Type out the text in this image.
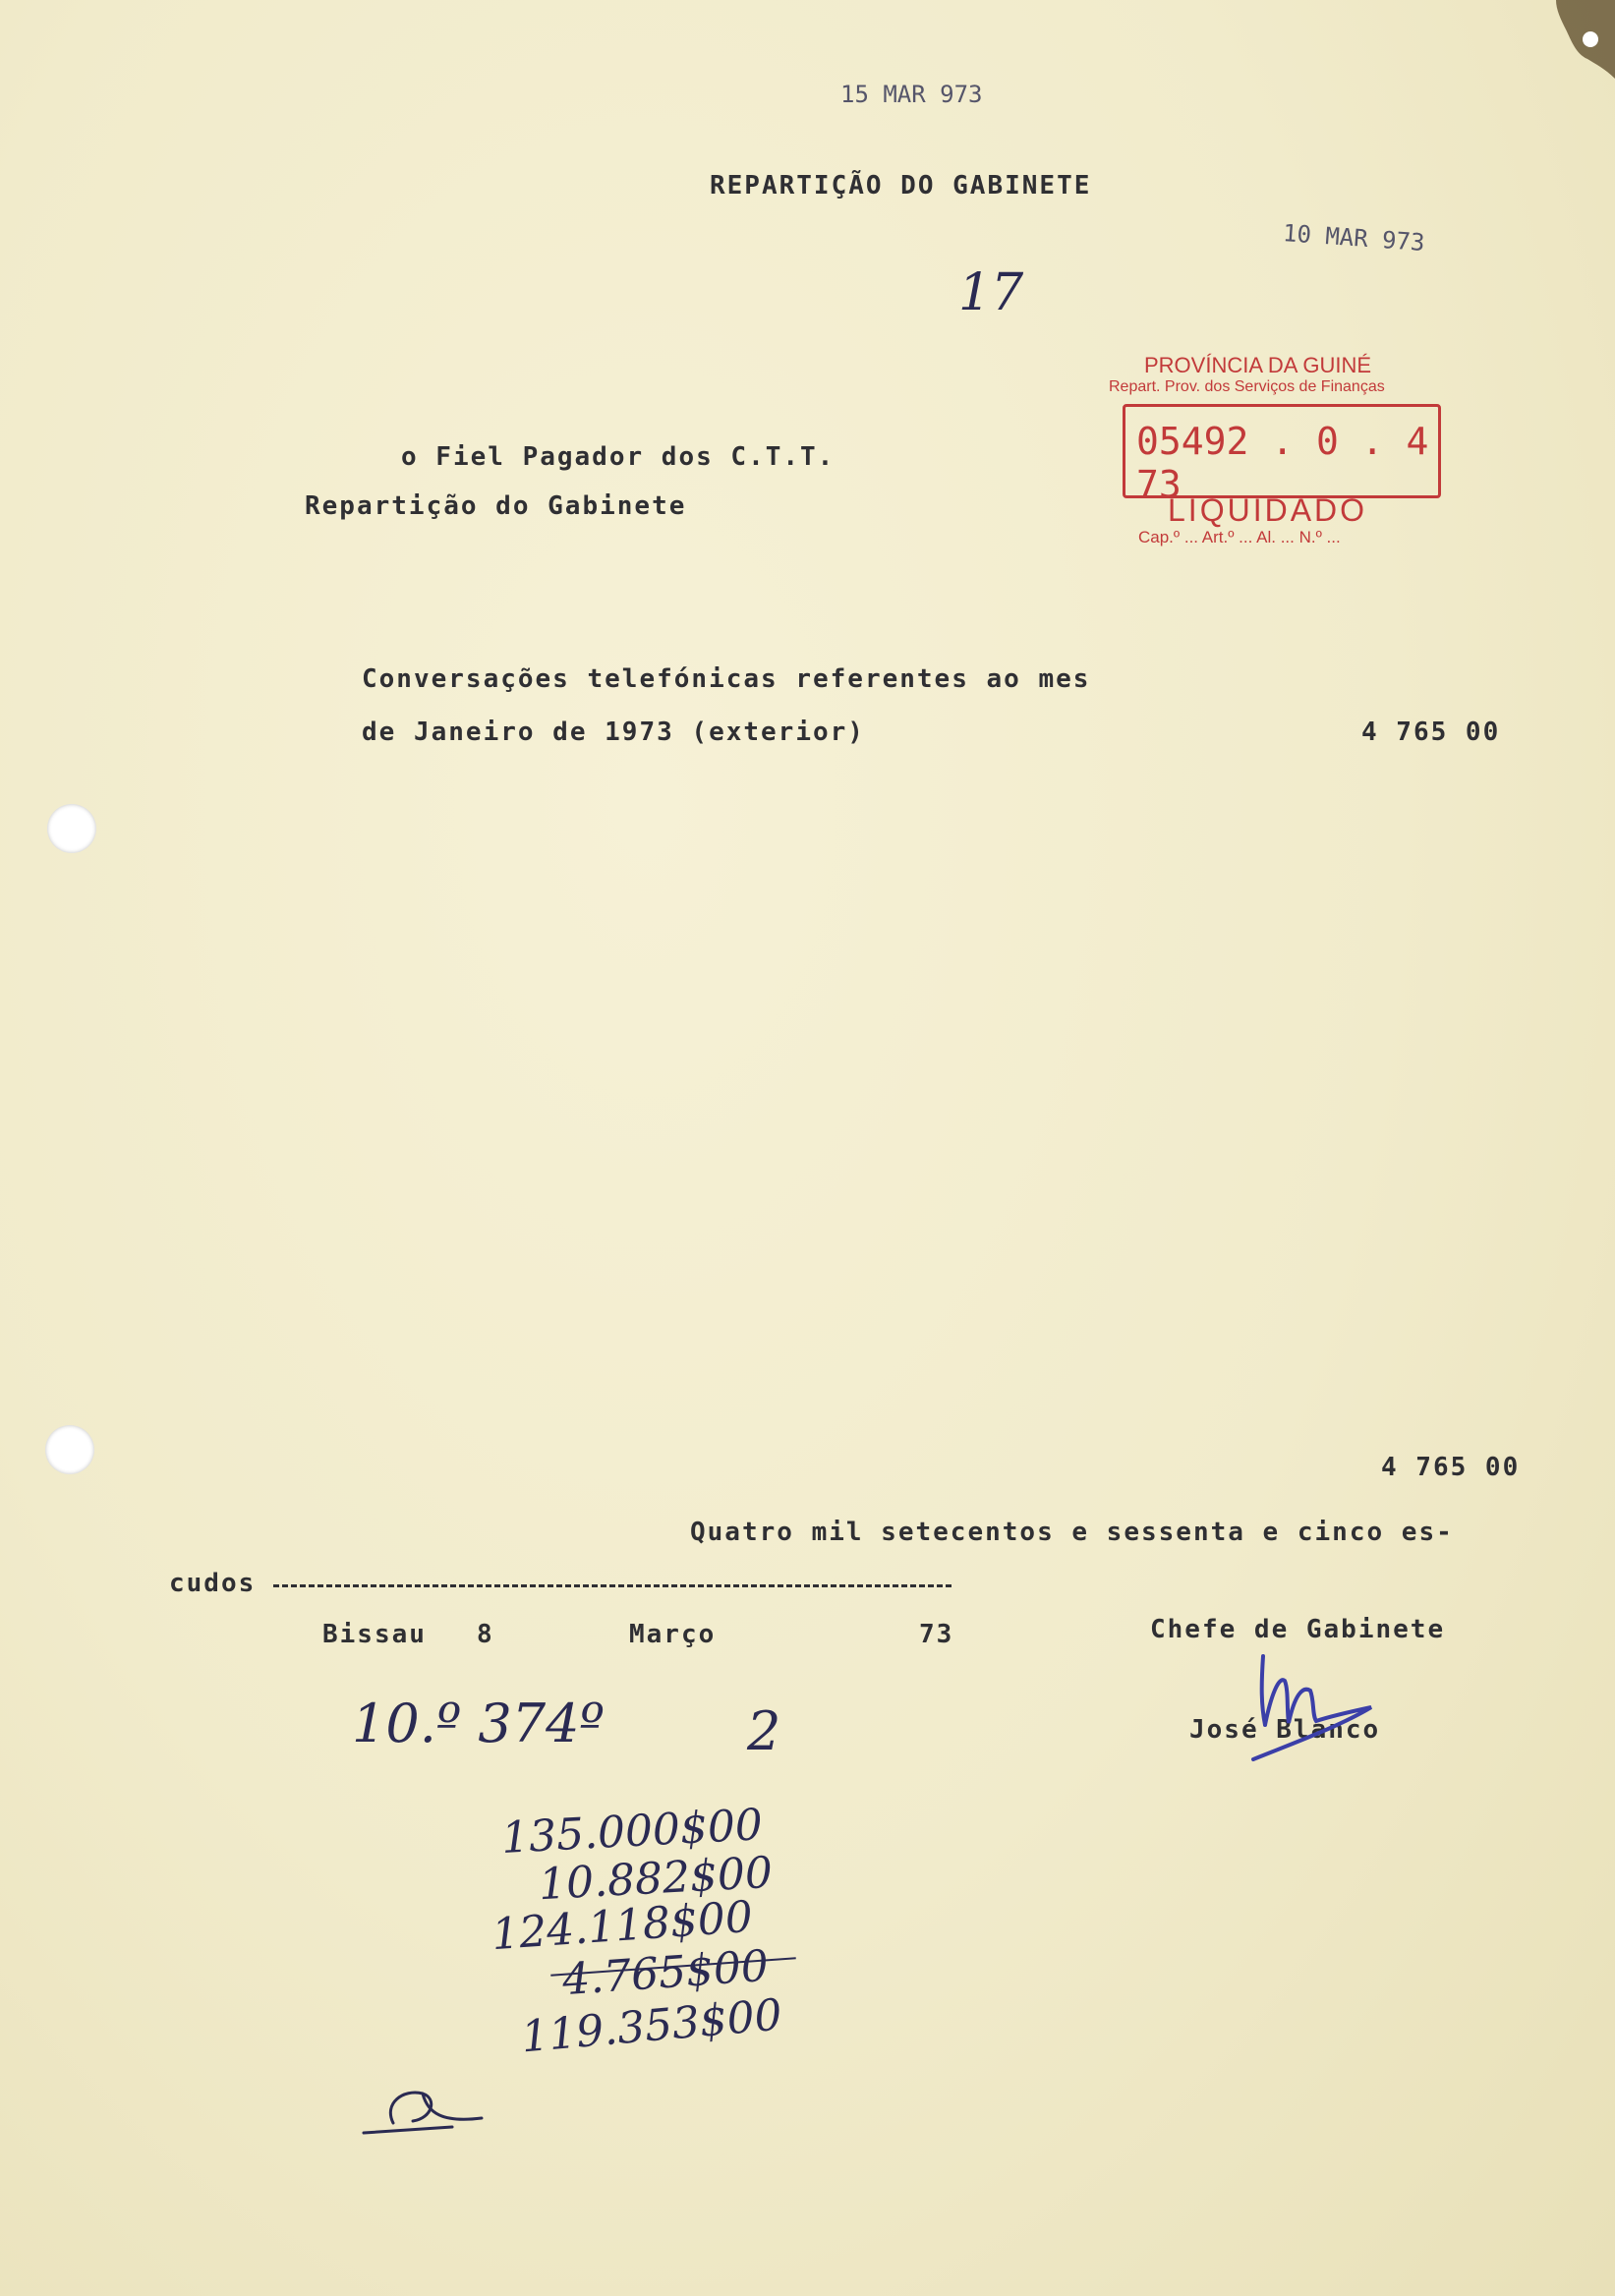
15 MAR 973
10 MAR 973
REPARTIÇÃO DO GABINETE
17
PROVÍNCIA DA GUINÉ
Repart. Prov. dos Serviços de Finanças
05492 . 0 . 4 73
LIQUIDADO
Cap.º ... Art.º ... Al. ... N.º ...
o Fiel Pagador dos C.T.T.
Repartição do Gabinete
Conversações telefónicas referentes ao mes
de Janeiro de 1973 (exterior)	4 765 00
4 765 00
Quatro mil setecentos e sessenta e cinco es-
cudos
Bissau 8	Março	73	Chefe de Gabinete
José Blanco
10.º 374º	2
135.000$00
10.882$00
124.118$00
4.765$00
119.353$00
